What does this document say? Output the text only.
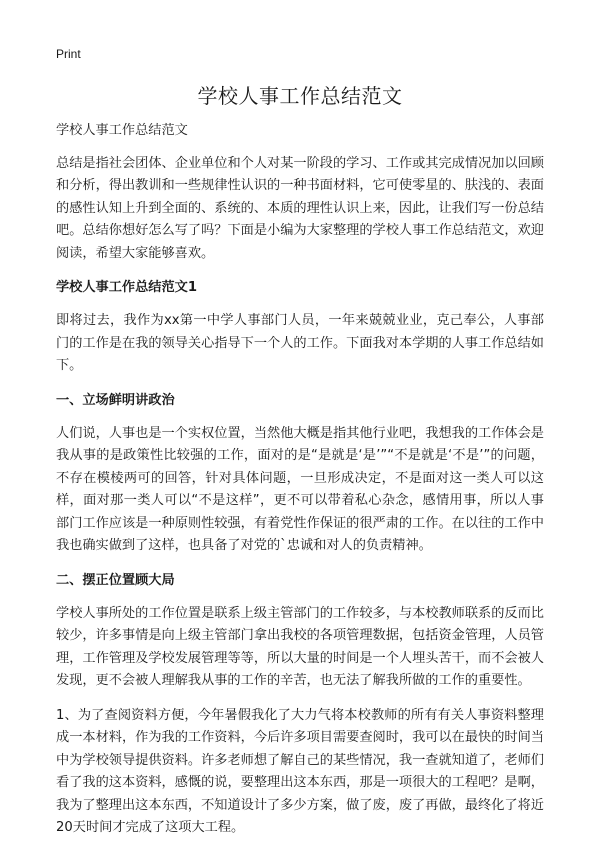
Print
学校人事工作总结范文

学校人事工作总结范文

总结是指社会团体、企业单位和个人对某一阶段的学习、工作或其完成情况加以回顾和分析，得出教训和一些规律性认识的一种书面材料，它可使零星的、肤浅的、表面的感性认知上升到全面的、系统的、本质的理性认识上来，因此，让我们写一份总结吧。总结你想好怎么写了吗？下面是小编为大家整理的学校人事工作总结范文，欢迎阅读，希望大家能够喜欢。

学校人事工作总结范文1

即将过去，我作为xx第一中学人事部门人员，一年来兢兢业业，克己奉公，人事部门的工作是在我的领导关心指导下一个人的工作。下面我对本学期的人事工作总结如下。

一、立场鲜明讲政治

人们说，人事也是一个实权位置，当然他大概是指其他行业吧，我想我的工作体会是我从事的是政策性比较强的工作，面对的是“是就是‘是’”“不是就是‘不是’”的问题，不存在模棱两可的回答，针对具体问题，一旦形成决定，不是面对这一类人可以这样，面对那一类人可以“不是这样”，更不可以带着私心杂念，感情用事，所以人事部门工作应该是一种原则性较强，有着党性作保证的很严肃的工作。在以往的工作中我也确实做到了这样，也具备了对党的`忠诚和对人的负责精神。

二、摆正位置顾大局

学校人事所处的工作位置是联系上级主管部门的工作较多，与本校教师联系的反而比较少，许多事情是向上级主管部门拿出我校的各项管理数据，包括资金管理，人员管理，工作管理及学校发展管理等等，所以大量的时间是一个人埋头苦干，而不会被人发现，更不会被人理解我从事的工作的辛苦，也无法了解我所做的工作的重要性。

1、为了查阅资料方便，今年暑假我化了大力气将本校教师的所有有关人事资料整理成一本材料，作为我的工作资料，今后许多项目需要查阅时，我可以在最快的时间当中为学校领导提供资料。许多老师想了解自己的某些情况，我一查就知道了，老师们看了我的这本资料，感慨的说，要整理出这本东西，那是一项很大的工程吧？是啊，我为了整理出这本东西，不知道设计了多少方案，做了废，废了再做，最终化了将近20天时间才完成了这项大工程。
